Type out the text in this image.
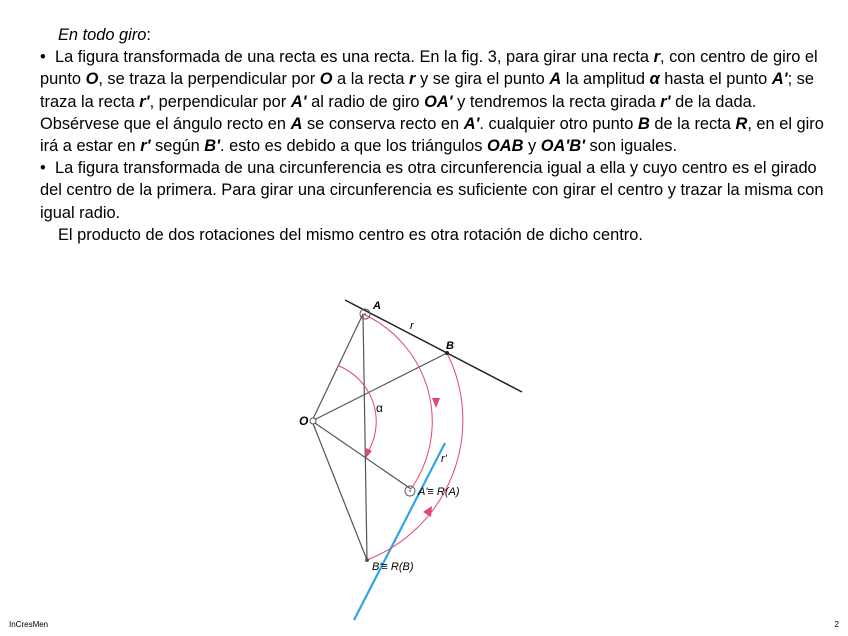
En todo giro:

• La figura transformada de una recta es una recta. En la fig. 3, para girar una recta r, con centro de giro el punto O, se traza la perpendicular por O a la recta r y se gira el punto A la amplitud α hasta el punto A'; se traza la recta r', perpendicular por A' al radio de giro OA' y tendremos la recta girada r' de la dada. Obsérvese que el ángulo recto en A se conserva recto en A'. cualquier otro punto B de la recta R, en el giro irá a estar en r' según B'. esto es debido a que los triángulos OAB y OA'B' son iguales.

• La figura transformada de una circunferencia es otra circunferencia igual a ella y cuyo centro es el girado del centro de la primera. Para girar una circunferencia es suficiente con girar el centro y trazar la misma con igual radio.

El producto de dos rotaciones del mismo centro es otra rotación de dicho centro.

A
r
B
O
α
r'
A'≡ R(A)
B'≡ R(B)
InCresMen	2
